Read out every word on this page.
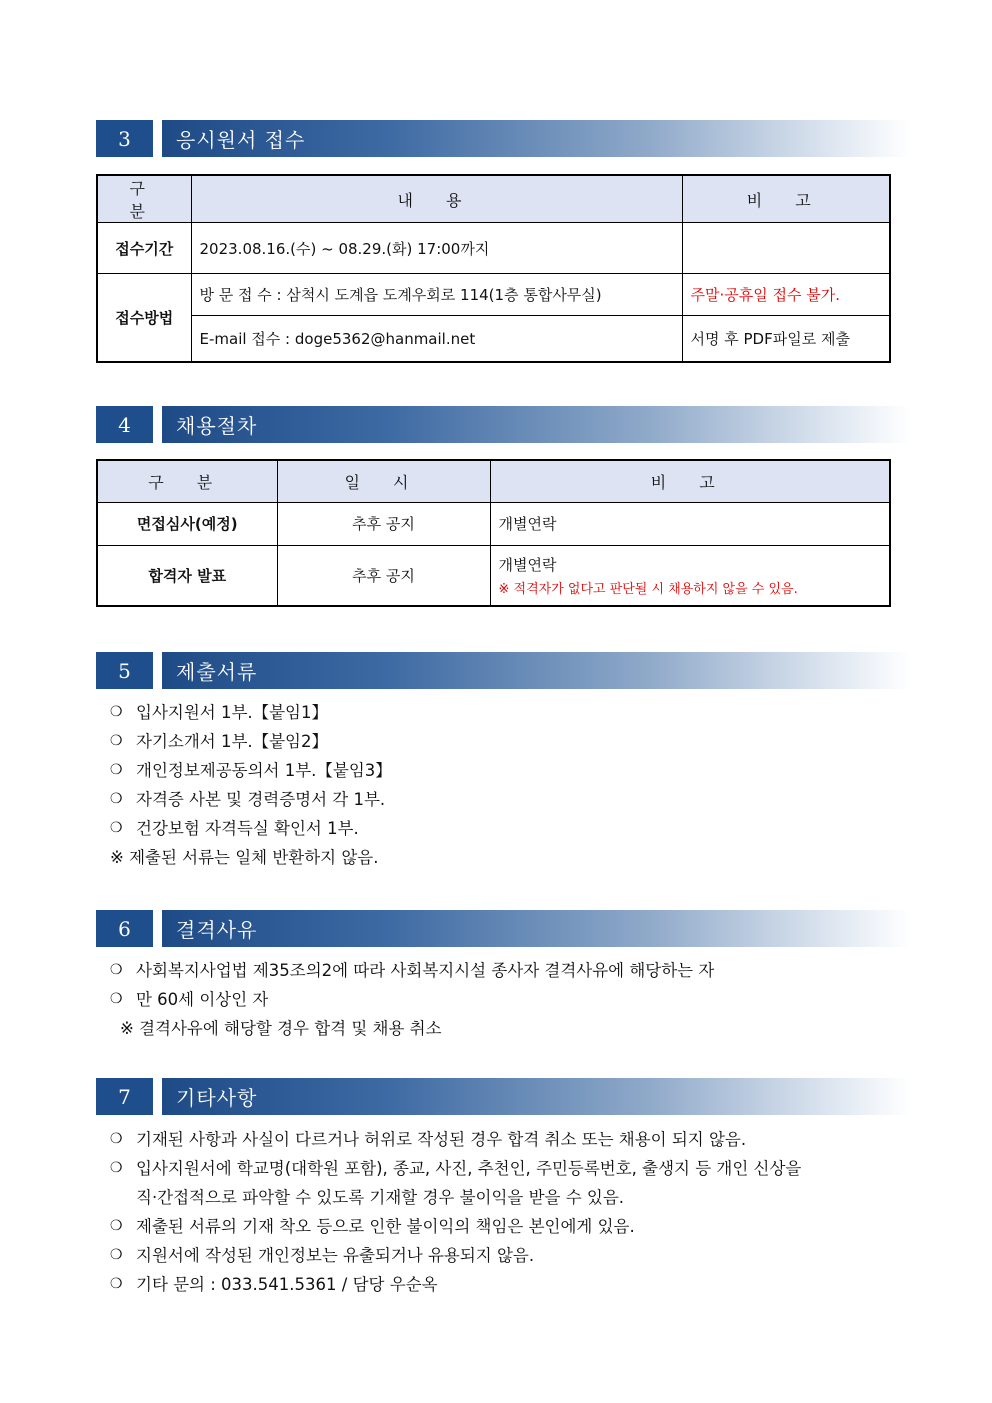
3	응시원서 접수
구 분	내 용	비 고
접수기간	2023.08.16.(수) ~ 08.29.(화) 17:00까지	
접수방법	방 문 접 수 : 삼척시 도계읍 도계우회로 114(1층 통합사무실)	주말·공휴일 접수 불가.
	E-mail 접수 : doge5362@hanmail.net	서명 후 PDF파일로 제출
4	채용절차
구 분	일 시	비 고
면접심사(예정)	추후 공지	개별연락
합격자 발표	추후 공지	개별연락
※ 적격자가 없다고 판단될 시 채용하지 않을 수 있음.
5	제출서류
❍ 입사지원서 1부.【붙임1】
❍ 자기소개서 1부.【붙임2】
❍ 개인정보제공동의서 1부.【붙임3】
❍ 자격증 사본 및 경력증명서 각 1부.
❍ 건강보험 자격득실 확인서 1부.
※ 제출된 서류는 일체 반환하지 않음.
6	결격사유
❍ 사회복지사업법 제35조의2에 따라 사회복지시설 종사자 결격사유에 해당하는 자
❍ 만 60세 이상인 자
※ 결격사유에 해당할 경우 합격 및 채용 취소
7	기타사항
❍ 기재된 사항과 사실이 다르거나 허위로 작성된 경우 합격 취소 또는 채용이 되지 않음.
❍ 입사지원서에 학교명(대학원 포함), 종교, 사진, 추천인, 주민등록번호, 출생지 등 개인 신상을
직·간접적으로 파악할 수 있도록 기재할 경우 불이익을 받을 수 있음.
❍ 제출된 서류의 기재 착오 등으로 인한 불이익의 책임은 본인에게 있음.
❍ 지원서에 작성된 개인정보는 유출되거나 유용되지 않음.
❍ 기타 문의 : 033.541.5361 / 담당 우순옥
